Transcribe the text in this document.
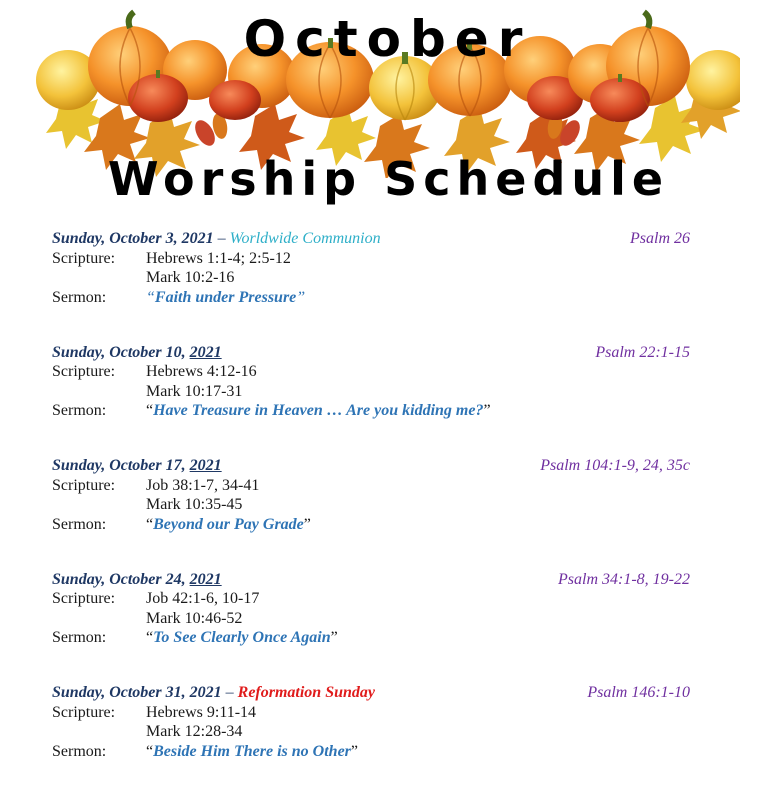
October
Worship Schedule
Sunday, October 3, 2021 – Worldwide Communion	Psalm 26
Scripture: Hebrews 1:1-4; 2:5-12
Mark 10:2-16
Sermon: “Faith under Pressure”
Sunday, October 10, 2021	Psalm 22:1-15
Scripture: Hebrews 4:12-16
Mark 10:17-31
Sermon: “Have Treasure in Heaven … Are you kidding me?”
Sunday, October 17, 2021	Psalm 104:1-9, 24, 35c
Scripture: Job 38:1-7, 34-41
Mark 10:35-45
Sermon: “Beyond our Pay Grade”
Sunday, October 24, 2021	Psalm 34:1-8, 19-22
Scripture: Job 42:1-6, 10-17
Mark 10:46-52
Sermon: “To See Clearly Once Again”
Sunday, October 31, 2021 – Reformation Sunday	Psalm 146:1-10
Scripture: Hebrews 9:11-14
Mark 12:28-34
Sermon: “Beside Him There is no Other”
